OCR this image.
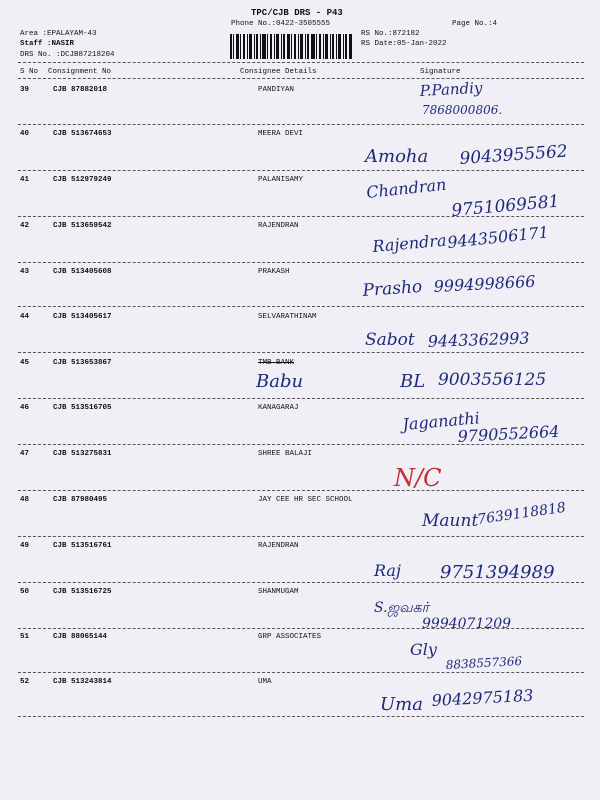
TPC/CJB DRS - P43
Phone No.:0422-3505555	Page No.:4
Area :EPALAYAM-43	RS No.:872182
Staff :NASIR	RS Date:05-Jan-2022
DRS No. :DCJB87218204
S No Consignment No	Consignee Details	Signature
39	CJB 87882018	PANDIYAN	P.Pandiy
7868000806.
40	CJB 513674653	MEERA DEVI
Amoha 9043955562
41	CJB 512979249	PALANISAMY	Chandran
9751069581
42	CJB 513659542	RAJENDRAN
Rajendra 9443506171
43	CJB 513405608	PRAKASH
Prasho 9994998666
44	CJB 513405617	SELVARATHINAM
Sabot 9443362993
45	CJB 513653867	TMB BANK
Babu	BL 9003556125
46	CJB 513516705	KANAGARAJ
Jaganathi
9790552664
47	CJB 513275831	SHREE BALAJI
N/C
48	CJB 87980495	JAY CEE HR SEC SCHOOL
Maunt
7639118818
49	CJB 513516761	RAJENDRAN
Raj 9751394989
50	CJB 513516725	SHANMUGAM
S.ஜவகர்
9994071209
51	CJB 88065144	GRP ASSOCIATES
Gly
8838557366
52	CJB 513243814	UMA
Uma 9042975183
